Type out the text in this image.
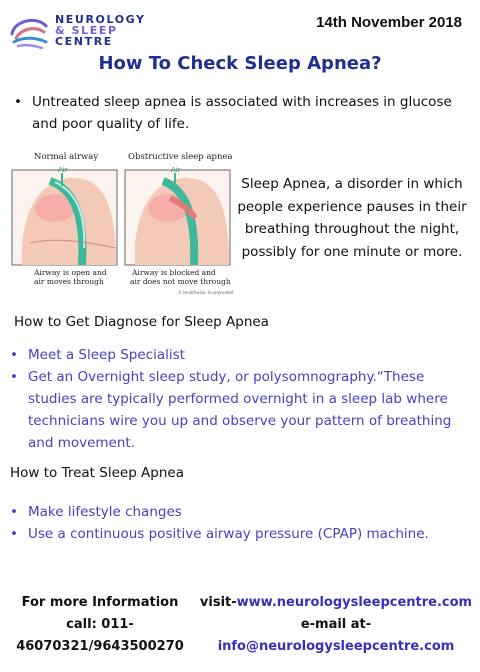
NEUROLOGY
& SLEEP
CENTRE
14th November 2018
How To Check Sleep Apnea?
• Untreated sleep apnea is associated with increases in glucose and poor quality of life.
Normal airway	Obstructive sleep apnea
Air
Airway is open and
air moves through
Air
Airway is blocked and
air does not move through
© Healthwise, Incorporated

Sleep Apnea, a disorder in which people experience pauses in their breathing throughout the night, possibly for one minute or more.

How to Get Diagnose for Sleep Apnea
• Meet a Sleep Specialist
• Get an Overnight sleep study, or polysomnography.“These studies are typically performed overnight in a sleep lab where technicians wire you up and observe your pattern of breathing and movement.
How to Treat Sleep Apnea
• Make lifestyle changes
• Use a continuous positive airway pressure (CPAP) machine.
For more Information
call: 011-
46070321/9643500270
visit-www.neurologysleepcentre.com
e-mail at-
info@neurologysleepcentre.com
